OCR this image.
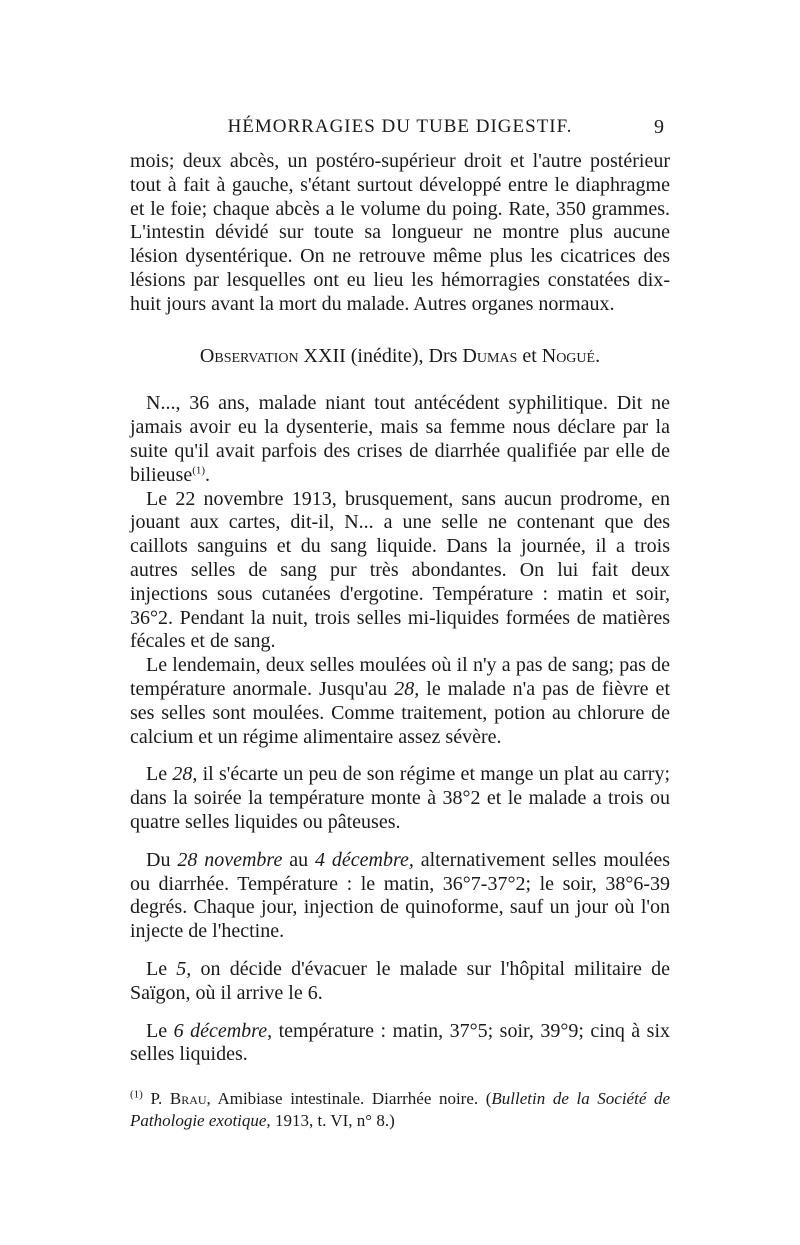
HÉMORRAGIES DU TUBE DIGESTIF.	9

mois; deux abcès, un postéro-supérieur droit et l'autre postérieur tout à fait à gauche, s'étant surtout développé entre le diaphragme et le foie; chaque abcès a le volume du poing. Rate, 350 grammes. L'intestin dévidé sur toute sa longueur ne montre plus aucune lésion dysentérique. On ne retrouve même plus les cicatrices des lésions par lesquelles ont eu lieu les hémorragies constatées dix-huit jours avant la mort du malade. Autres organes normaux.

Observation XXII (inédite), Drs Dumas et Nogué.

N..., 36 ans, malade niant tout antécédent syphilitique. Dit ne jamais avoir eu la dysenterie, mais sa femme nous déclare par la suite qu'il avait parfois des crises de diarrhée qualifiée par elle de bilieuse$^{(1)}$.

Le 22 novembre 1913, brusquement, sans aucun prodrome, en jouant aux cartes, dit-il, N... a une selle ne contenant que des caillots sanguins et du sang liquide. Dans la journée, il a trois autres selles de sang pur très abondantes. On lui fait deux injections sous cutanées d'ergotine. Température : matin et soir, 36°2. Pendant la nuit, trois selles mi-liquides formées de matières fécales et de sang.

Le lendemain, deux selles moulées où il n'y a pas de sang; pas de température anormale. Jusqu'au 28, le malade n'a pas de fièvre et ses selles sont moulées. Comme traitement, potion au chlorure de calcium et un régime alimentaire assez sévère.

Le 28, il s'écarte un peu de son régime et mange un plat au carry; dans la soirée la température monte à 38°2 et le malade a trois ou quatre selles liquides ou pâteuses.

Du 28 novembre au 4 décembre, alternativement selles moulées ou diarrhée. Température : le matin, 36°7-37°2; le soir, 38°6-39 degrés. Chaque jour, injection de quinoforme, sauf un jour où l'on injecte de l'hectine.

Le 5, on décide d'évacuer le malade sur l'hôpital militaire de Saïgon, où il arrive le 6.

Le 6 décembre, température : matin, 37°5; soir, 39°9; cinq à six selles liquides.

$^{(1)}$ P. Brau, Amibiase intestinale. Diarrhée noire. (Bulletin de la Société de Pathologie exotique, 1913, t. VI, n° 8.)
